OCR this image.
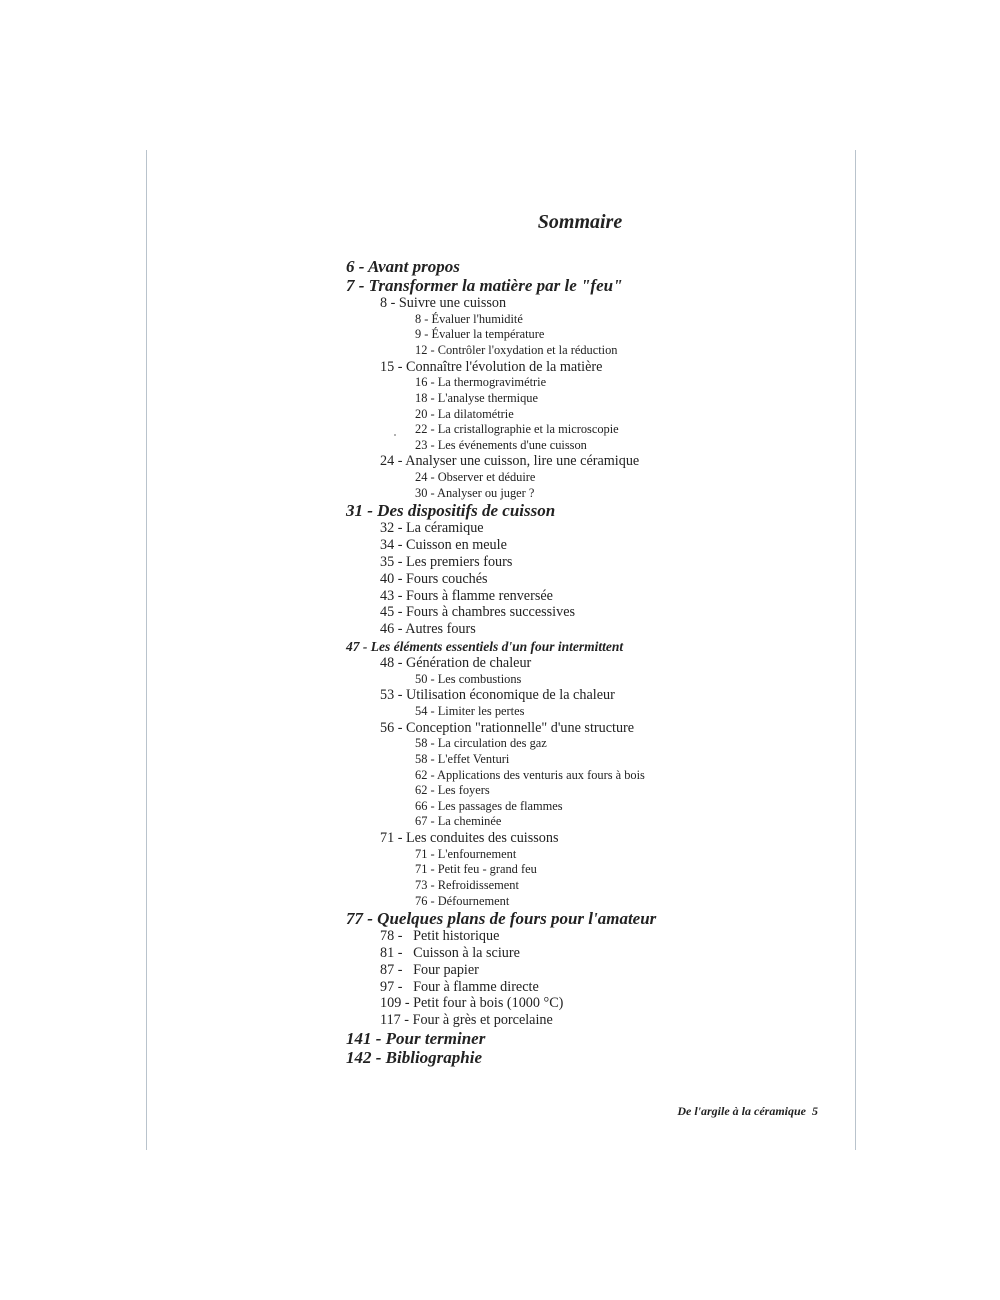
Sommaire
6 - Avant propos
7 - Transformer la matière par le "feu"
8 - Suivre une cuisson
8 - Évaluer l'humidité
9 - Évaluer la température
12 - Contrôler l'oxydation et la réduction
15 - Connaître l'évolution de la matière
16 - La thermogravimétrie
18 - L'analyse thermique
20 - La dilatométrie
22 - La cristallographie et la microscopie
23 - Les événements d'une cuisson
24 - Analyser une cuisson, lire une céramique
24 - Observer et déduire
30 - Analyser ou juger ?
31 - Des dispositifs de cuisson
32 - La céramique
34 - Cuisson en meule
35 - Les premiers fours
40 - Fours couchés
43 - Fours à flamme renversée
45 - Fours à chambres successives
46 - Autres fours
47 - Les éléments essentiels d'un four intermittent
48 - Génération de chaleur
50 - Les combustions
53 - Utilisation économique de la chaleur
54 - Limiter les pertes
56 - Conception "rationnelle" d'une structure
58 - La circulation des gaz
58 - L'effet Venturi
62 - Applications des venturis aux fours à bois
62 - Les foyers
66 - Les passages de flammes
67 - La cheminée
71 - Les conduites des cuissons
71 - L'enfournement
71 - Petit feu - grand feu
73 - Refroidissement
76 - Défournement
77 - Quelques plans de fours pour l'amateur
78 -   Petit historique
81 -   Cuisson à la sciure
87 -   Four papier
97 -   Four à flamme directe
109 - Petit four à bois (1000 °C)
117 - Four à grès et porcelaine
141 - Pour terminer
142 - Bibliographie
De l'argile à la céramique 5
